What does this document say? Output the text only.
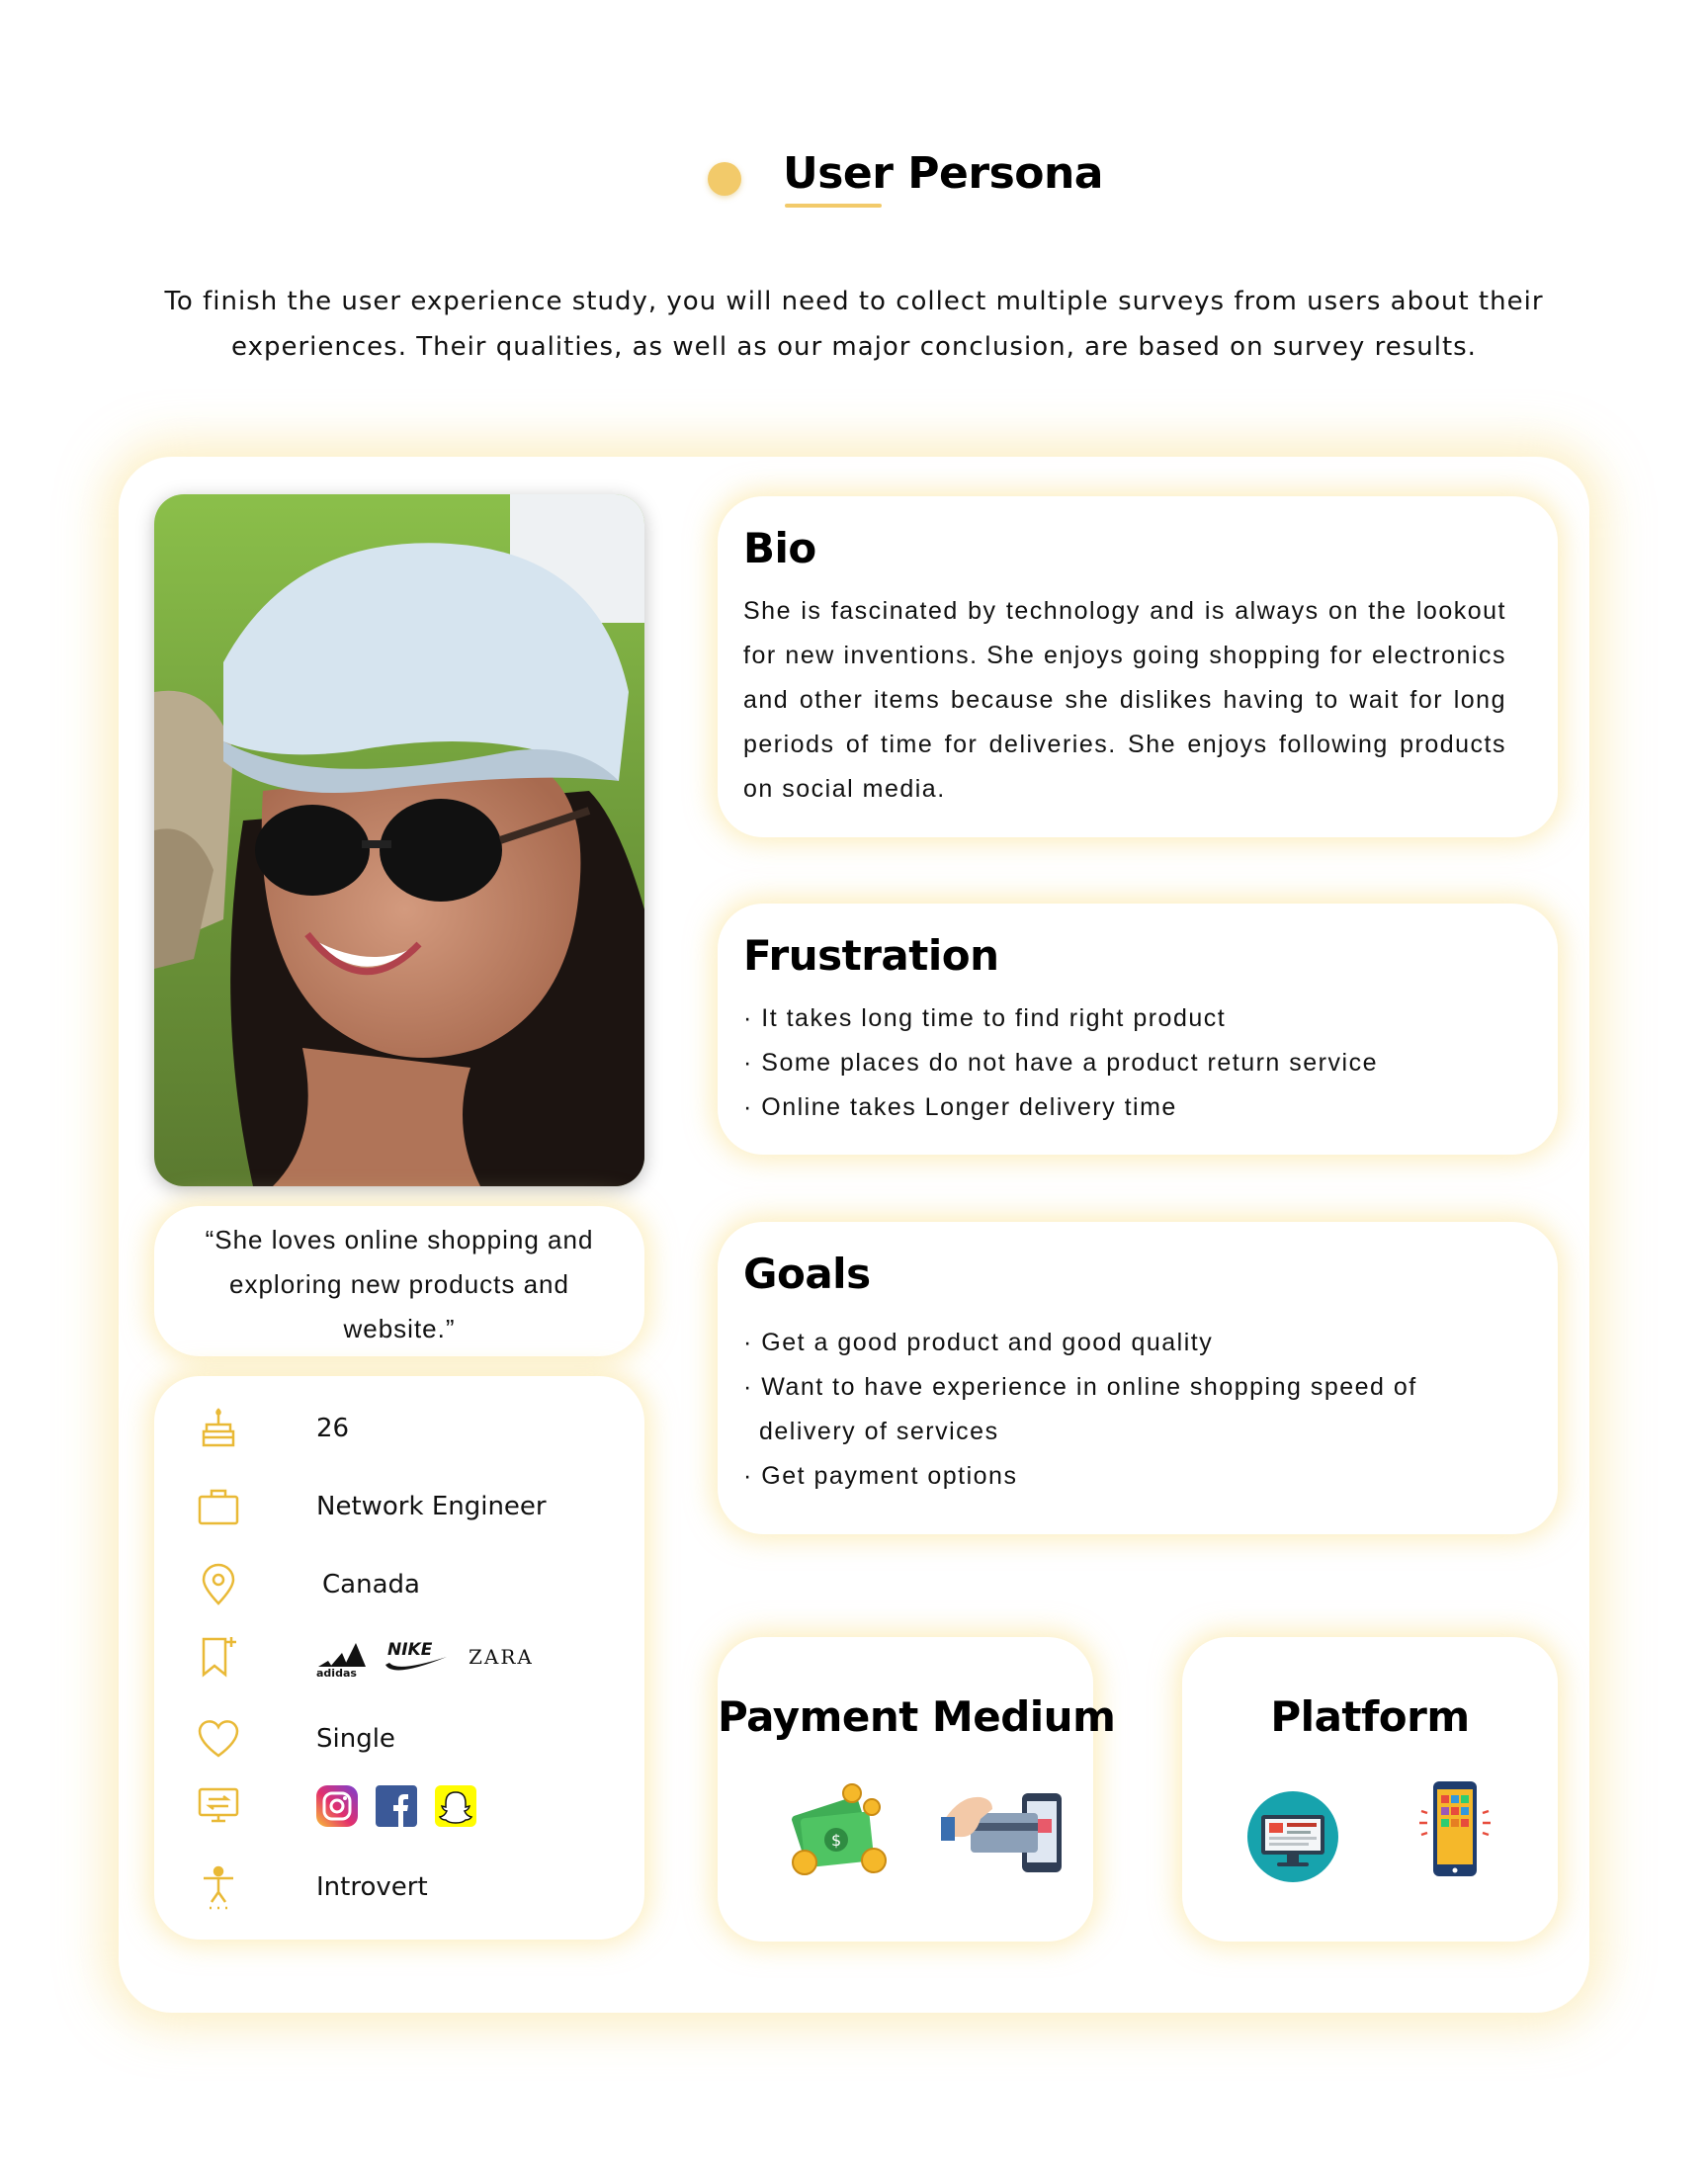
User Persona

To finish the user experience study, you will need to collect multiple surveys from users about their experiences. Their qualities, as well as our major conclusion, are based on survey results.

“She loves online shopping and exploring new products and website.”
26
Network Engineer
Canada
adidas
NIKE ZARA
Single
Introvert
Bio

She is fascinated by technology and is always on the lookout for new inventions. She enjoys going shopping for electronics and other items because she dislikes having to wait for long periods of time for deliveries. She enjoys following products on social media.

Frustration
· It takes long time to find right product
· Some places do not have a product return service
· Online takes Longer delivery time
Goals
· Get a good product and good quality
· Want to have experience in online shopping speed of delivery of services
· Get payment options
Payment Medium
$
Platform
